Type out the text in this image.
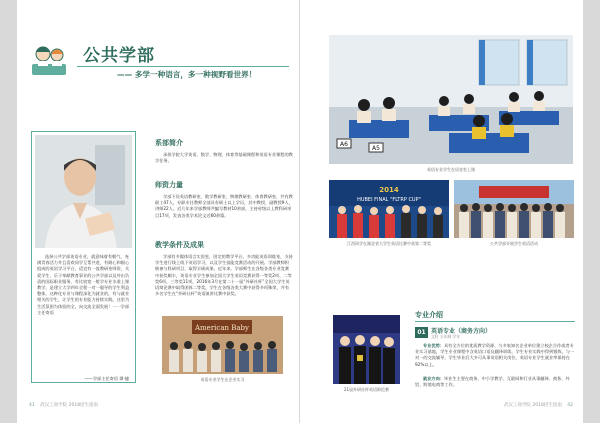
公共学部
—— 多学一种语言，多一种视野看世界！
选择公共学部英语专业，就意味着有朝气、充满青春活力并且喜欢同学互帮共进，有耐心和细心组成的英语学习平台，适宜有一流教研室师资，关爱学生、乐于奉献教育事业的公共学部以及外出负责的国际职业服务，有比较宽一般学专业水准上课教学，是建立大学四年全程一对一服导的学生利益整体，这种化专业与课程深化为就业的，有与就业相关的学生，让学生的专业能力持续实践。这里为生活氛围为体验的全，向交流全面发展！一一学部主任寄语
——学部主任寄语 谭·捷
系部简介
承担学院大学英语、数学、物理、体育等基础课程和英语专业课程的教学任务。
师资力量
学部下设英语教研室、数学教研室、物理教研室、体育教研室，共有教职工47人，专职专任教师全部具有硕士以上学历，其中教授、副教授9人，讲师22人。近几年来学部教师共编写教材10余部，主持省级以上教科研项目17项，发表各类学术论文近60余篇。
教学条件及成果
学部有多媒体语言实验室，固定的教学平台，多功能英语训练室，支持学生进行线上线下英语学习，以及学生技能竞赛活动的开展。学部教师积极参与科研项目，取得丰硕成果。近年来，学部师生在各级各类专业竞赛中获奖颇丰，英语专业学生参加全国大学生英语竞赛获得一等奖2项、二等奖6项、三等奖11项，2016年3月在第二十一届“外研社杯”全国大学生英语辩论赛中取得团体二等奖，学生在各级各类大赛中获得多项殊荣，并有多名学生在“外研社杯”英语演讲比赛中获奖。
American Baby
英语专业学生在企业实习
41 武汉工商学院 2018招生指南
A6
A5
英语专业学生在语音室上课
2014
HUBEI FINAL "FLTRP CUP"
江西同学在湖北省大学生英语比赛中获第二等奖	公共学部开展学生英语活动
21届外研社杯英语辩论赛
专业介绍
01 英语专业（商务方向）
文科 五年制 学年
专业优势：具有全方位的优质教学资源，与多家知名企业单位建立校企合作或者专业实习基地，学生专业课程中含英语口语及翻译训练，学生专业实践中得到锻炼，与一对一的交流辅导，学生毕业后大多可从事英语相关岗位，英语专业学生就业率保持在92%以上。
就业方向：毕业生主要在商务、中小学教学、互联网和行业从事翻译、商务、外贸、跨境电商等工作。
武汉工商学院 2018招生指南 42
